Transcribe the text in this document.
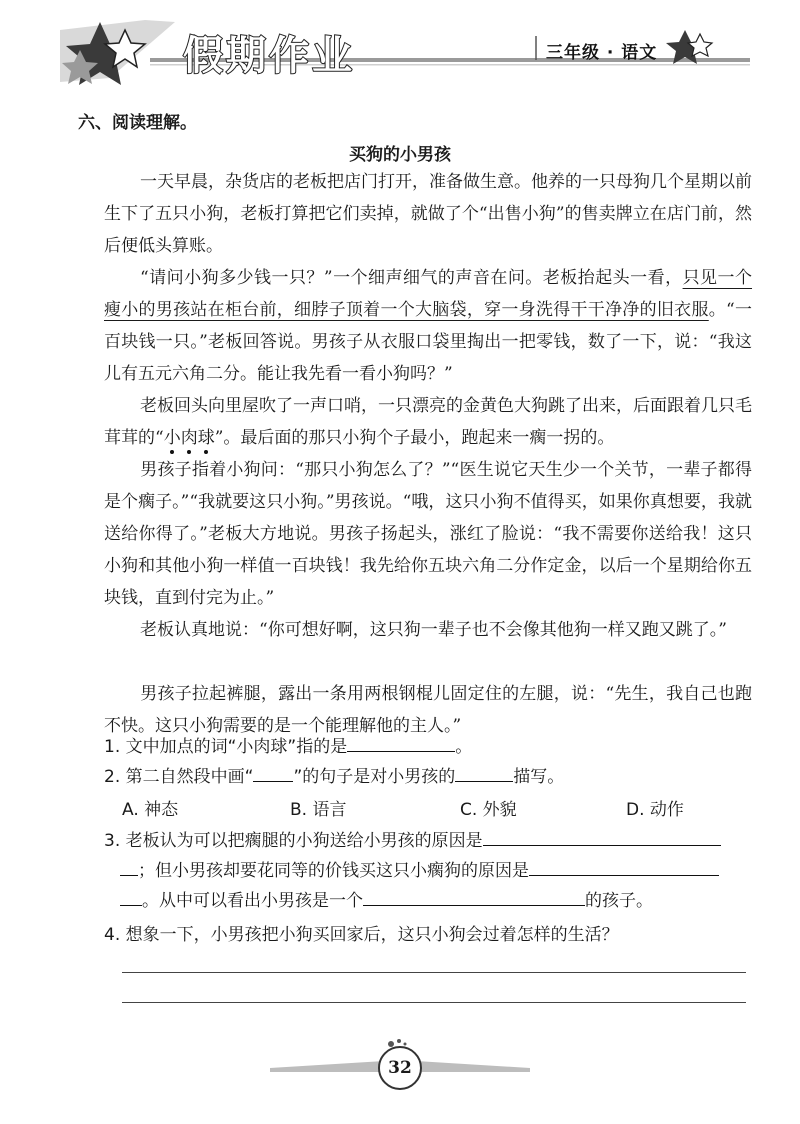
假期作业	三年级 · 语文
六、阅读理解。
买狗的小男孩

一天早晨，杂货店的老板把店门打开，准备做生意。他养的一只母狗几个星期以前生下了五只小狗，老板打算把它们卖掉，就做了个“出售小狗”的售卖牌立在店门前，然后便低头算账。

“请问小狗多少钱一只？”一个细声细气的声音在问。老板抬起头一看，只见一个瘦小的男孩站在柜台前，细脖子顶着一个大脑袋，穿一身洗得干干净净的旧衣服。“一百块钱一只。”老板回答说。男孩子从衣服口袋里掏出一把零钱，数了一下，说：“我这儿有五元六角二分。能让我先看一看小狗吗？”

老板回头向里屋吹了一声口哨，一只漂亮的金黄色大狗跳了出来，后面跟着几只毛茸茸的“小
肉
球
”。最后面的那只小狗个子最小，跑起来一瘸一拐的。

男孩子指着小狗问：“那只小狗怎么了？”“医生说它天生少一个关节，一辈子都得是个瘸子。”“我就要这只小狗。”男孩说。“哦，这只小狗不值得买，如果你真想要，我就送给你得了。”老板大方地说。男孩子扬起头，涨红了脸说：“我不需要你送给我！这只小狗和其他小狗一样值一百块钱！我先给你五块六角二分作定金，以后一个星期给你五块钱，直到付完为止。”

老板认真地说：“你可想好啊，这只狗一辈子也不会像其他狗一样又跑又跳了。”

男孩子拉起裤腿，露出一条用两根钢棍儿固定住的左腿，说：“先生，我自己也跑不快。这只小狗需要的是一个能理解他的主人。”

1. 文中加点的词“小肉球”指的是	。
2. 第二自然段中画“ ”的句子是对小男孩的	描写。
A. 神态	B. 语言	C. 外貌	D. 动作
3. 老板认为可以把瘸腿的小狗送给小男孩的原因是
；但小男孩却要花同等的价钱买这只小瘸狗的原因是
。从中可以看出小男孩是一个	的孩子。
4. 想象一下，小男孩把小狗买回家后，这只小狗会过着怎样的生活？
32
